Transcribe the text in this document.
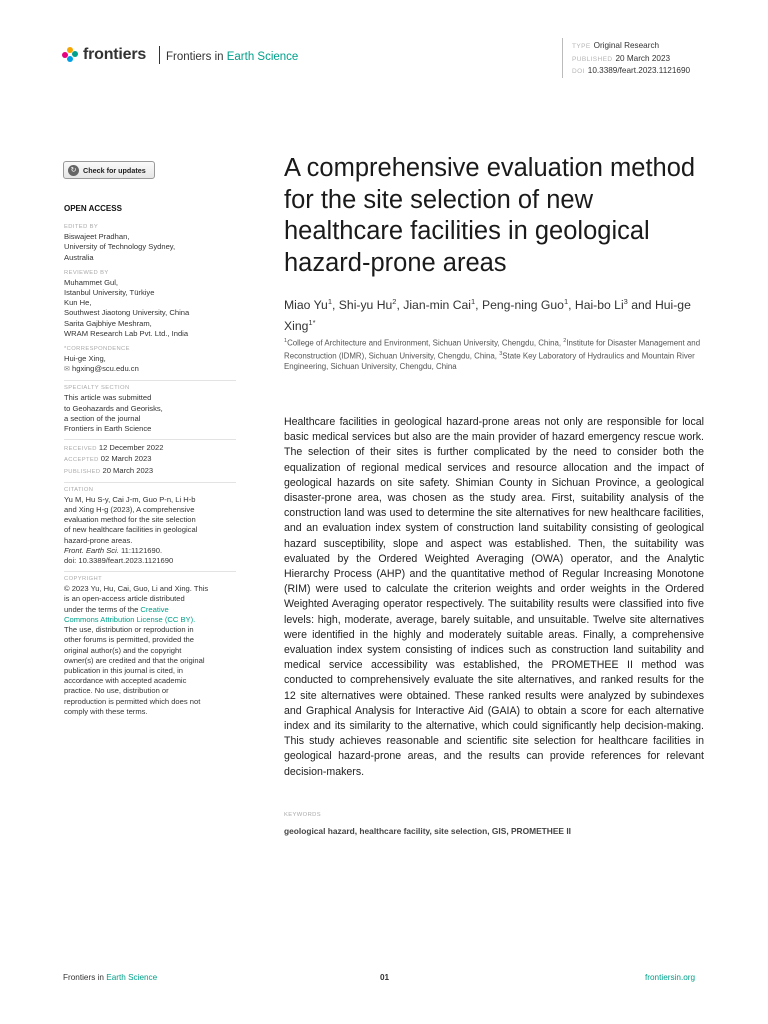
frontiers Frontiers in Earth Science
TYPE Original Research
PUBLISHED 20 March 2023
DOI 10.3389/feart.2023.1121690
↻ Check for updates
OPEN ACCESS
EDITED BY
Biswajeet Pradhan,
University of Technology Sydney,
Australia
REVIEWED BY
Muhammet Gul,
Istanbul University, Türkiye
Kun He,
Southwest Jiaotong University, China
Sarita Gajbhiye Meshram,
WRAM Research Lab Pvt. Ltd., India
*CORRESPONDENCE
Hui-ge Xing,
✉ hgxing@scu.edu.cn
SPECIALTY SECTION
This article was submitted
to Geohazards and Georisks,
a section of the journal
Frontiers in Earth Science
RECEIVED 12 December 2022
ACCEPTED 02 March 2023
PUBLISHED 20 March 2023
CITATION
Yu M, Hu S-y, Cai J-m, Guo P-n, Li H-b
and Xing H-g (2023), A comprehensive
evaluation method for the site selection
of new healthcare facilities in geological
hazard-prone areas.
Front. Earth Sci. 11:1121690.
doi: 10.3389/feart.2023.1121690
COPYRIGHT
© 2023 Yu, Hu, Cai, Guo, Li and Xing. This
is an open-access article distributed
under the terms of the Creative
Commons Attribution License (CC BY).
The use, distribution or reproduction in
other forums is permitted, provided the
original author(s) and the copyright
owner(s) are credited and that the original
publication in this journal is cited, in
accordance with accepted academic
practice. No use, distribution or
reproduction is permitted which does not
comply with these terms.
A comprehensive evaluation method for the site selection of new healthcare facilities in geological hazard-prone areas
Miao Yu$^1$, Shi-yu Hu$^2$, Jian-min Cai$^1$, Peng-ning Guo$^1$, Hai-bo Li$^3$ and Hui-ge Xing$^{1*}$
$^1$College of Architecture and Environment, Sichuan University, Chengdu, China, $^2$Institute for Disaster Management and Reconstruction (IDMR), Sichuan University, Chengdu, China, $^3$State Key Laboratory of Hydraulics and Mountain River Engineering, Sichuan University, Chengdu, China

Healthcare facilities in geological hazard-prone areas not only are responsible for local basic medical services but also are the main provider of hazard emergency rescue work. The selection of their sites is further complicated by the need to consider both the equalization of regional medical services and resource allocation and the impact of geological hazards on site safety. Shimian County in Sichuan Province, a geological disaster-prone area, was chosen as the study area. First, suitability analysis of the construction land was used to determine the site alternatives for new healthcare facilities, and an evaluation index system of construction land suitability consisting of geological hazard susceptibility, slope and aspect was established. Then, the suitability was evaluated by the Ordered Weighted Averaging (OWA) operator, and the Analytic Hierarchy Process (AHP) and the quantitative method of Regular Increasing Monotone (RIM) were used to calculate the criterion weights and order weights in the Ordered Weighted Averaging operator respectively. The suitability results were classified into five levels: high, moderate, average, barely suitable, and unsuitable. Twelve site alternatives were identified in the highly and moderately suitable areas. Finally, a comprehensive evaluation index system consisting of indices such as construction land suitability and medical service accessibility was established, the PROMETHEE II method was conducted to comprehensively evaluate the site alternatives, and ranked results for the 12 site alternatives were obtained. These ranked results were analyzed by subindexes and Graphical Analysis for Interactive Aid (GAIA) to obtain a score for each alternative index and its similarity to the alternative, which could significantly help decision-making. This study achieves reasonable and scientific site selection for healthcare facilities in geological hazard-prone areas, and the results can provide references for relevant decision-makers.

KEYWORDS
geological hazard, healthcare facility, site selection, GIS, PROMETHEE II
Frontiers in Earth Science	01	frontiersin.org
